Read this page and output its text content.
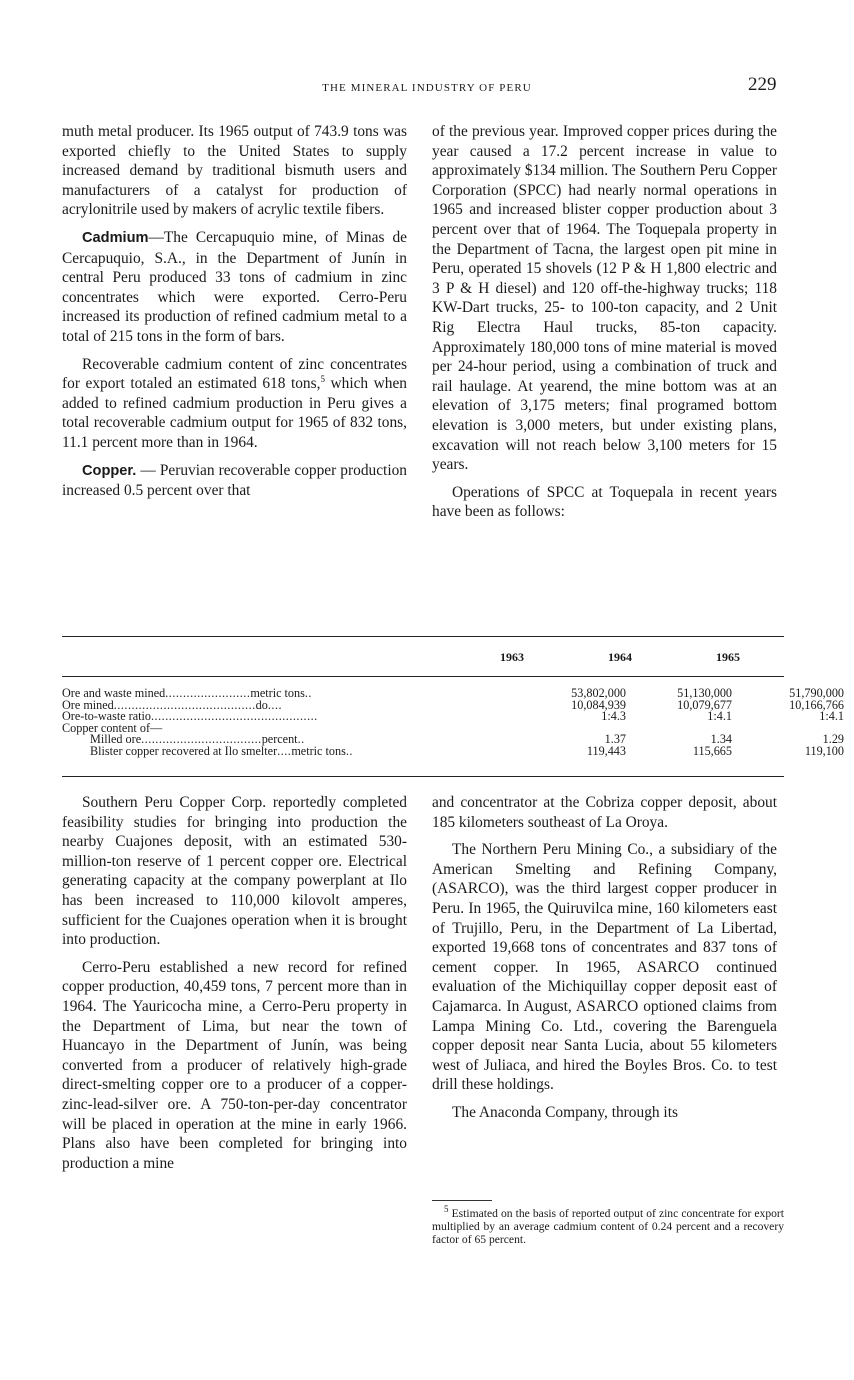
THE MINERAL INDUSTRY OF PERU	229

muth metal producer. Its 1965 output of 743.9 tons was exported chiefly to the United States to supply increased demand by traditional bismuth users and manufacturers of a catalyst for production of acrylonitrile used by makers of acrylic textile fibers.

Cadmium—The Cercapuquio mine, of Minas de Cercapuquio, S.A., in the Department of Junín in central Peru produced 33 tons of cadmium in zinc concentrates which were exported. Cerro-Peru increased its production of refined cadmium metal to a total of 215 tons in the form of bars.

Recoverable cadmium content of zinc concentrates for export totaled an estimated 618 tons,$^5$ which when added to refined cadmium production in Peru gives a total recoverable cadmium output for 1965 of 832 tons, 11.1 percent more than in 1964.

Copper. — Peruvian recoverable copper production increased 0.5 percent over that

of the previous year. Improved copper prices during the year caused a 17.2 percent increase in value to approximately $134 million. The Southern Peru Copper Corporation (SPCC) had nearly normal operations in 1965 and increased blister copper production about 3 percent over that of 1964. The Toquepala property in the Department of Tacna, the largest open pit mine in Peru, operated 15 shovels (12 P & H 1,800 electric and 3 P & H diesel) and 120 off-the-highway trucks; 118 KW-Dart trucks, 25- to 100-ton capacity, and 2 Unit Rig Electra Haul trucks, 85-ton capacity. Approximately 180,000 tons of mine material is moved per 24-hour period, using a combination of truck and rail haulage. At yearend, the mine bottom was at an elevation of 3,175 meters; final programed bottom elevation is 3,000 meters, but under existing plans, excavation will not reach below 3,100 meters for 15 years.

Operations of SPCC at Toquepala in recent years have been as follows:

1963	1964	1965
Ore and waste mined........................metric tons..	53,802,000	51,130,000	51,790,000
Ore mined........................................do....	10,084,939	10,079,677	10,166,766
Ore-to-waste ratio...............................................	1:4.3	1:4.1	1:4.1
Copper content of—
Milled ore..................................percent..	1.37	1.34	1.29
Blister copper recovered at Ilo smelter....metric tons..	119,443	115,665	119,100

Southern Peru Copper Corp. reportedly completed feasibility studies for bringing into production the nearby Cuajones deposit, with an estimated 530-million-ton reserve of 1 percent copper ore. Electrical generating capacity at the company powerplant at Ilo has been increased to 110,000 kilovolt amperes, sufficient for the Cuajones operation when it is brought into production.

Cerro-Peru established a new record for refined copper production, 40,459 tons, 7 percent more than in 1964. The Yauricocha mine, a Cerro-Peru property in the Department of Lima, but near the town of Huancayo in the Department of Junín, was being converted from a producer of relatively high-grade direct-smelting copper ore to a producer of a copper-zinc-lead-silver ore. A 750-ton-per-day concentrator will be placed in operation at the mine in early 1966. Plans also have been completed for bringing into production a mine

and concentrator at the Cobriza copper deposit, about 185 kilometers southeast of La Oroya.

The Northern Peru Mining Co., a subsidiary of the American Smelting and Refining Company, (ASARCO), was the third largest copper producer in Peru. In 1965, the Quiruvilca mine, 160 kilometers east of Trujillo, Peru, in the Department of La Libertad, exported 19,668 tons of concentrates and 837 tons of cement copper. In 1965, ASARCO continued evaluation of the Michiquillay copper deposit east of Cajamarca. In August, ASARCO optioned claims from Lampa Mining Co. Ltd., covering the Barenguela copper deposit near Santa Lucia, about 55 kilometers west of Juliaca, and hired the Boyles Bros. Co. to test drill these holdings.

The Anaconda Company, through its

$^5$ Estimated on the basis of reported output of zinc concentrate for export multiplied by an average cadmium content of 0.24 percent and a recovery factor of 65 percent.
